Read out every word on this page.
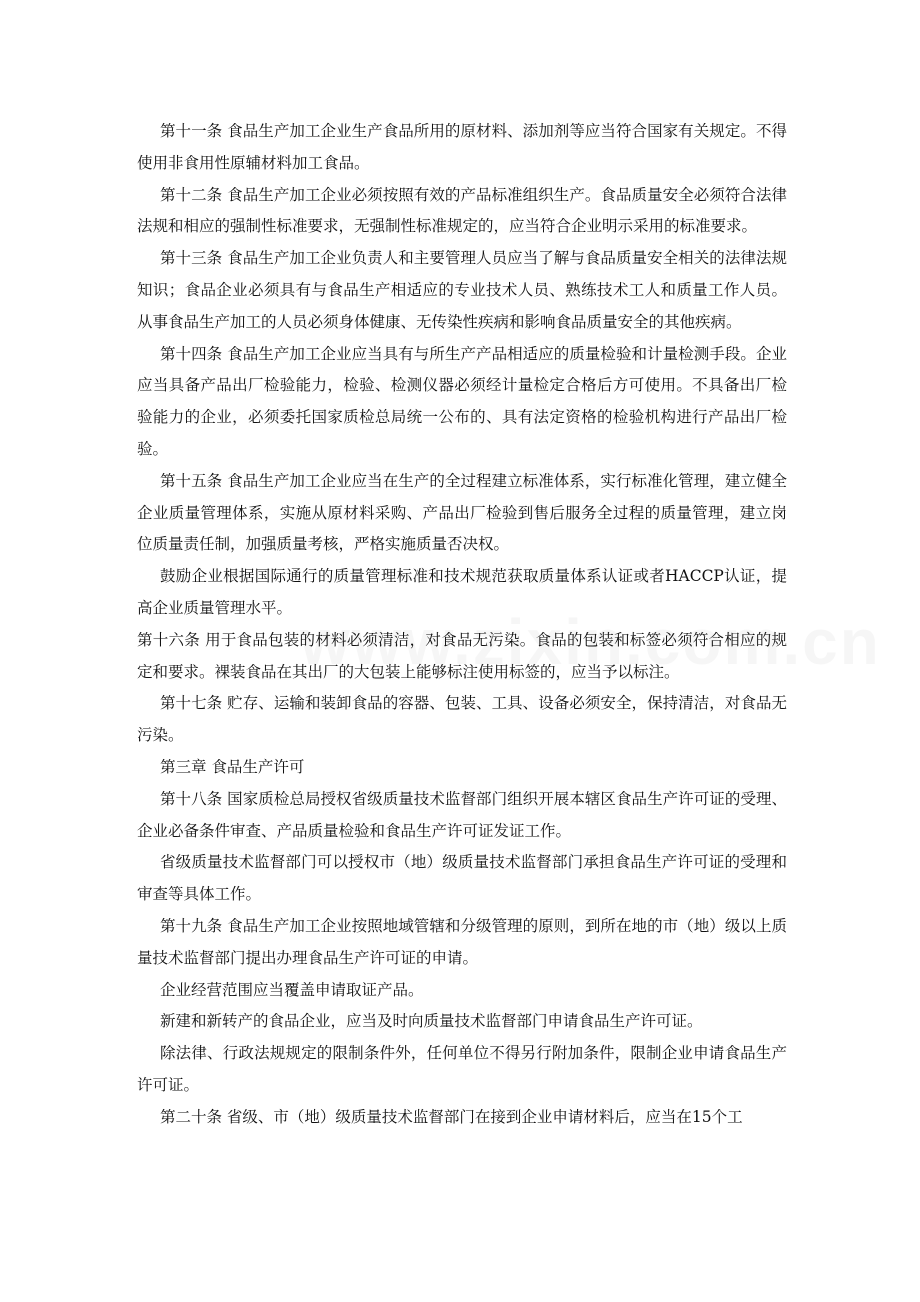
第十一条 食品生产加工企业生产食品所用的原材料、添加剂等应当符合国家有关规定。不得使用非食用性原辅材料加工食品。

第十二条 食品生产加工企业必须按照有效的产品标准组织生产。食品质量安全必须符合法律法规和相应的强制性标准要求，无强制性标准规定的，应当符合企业明示采用的标准要求。

第十三条 食品生产加工企业负责人和主要管理人员应当了解与食品质量安全相关的法律法规知识；食品企业必须具有与食品生产相适应的专业技术人员、熟练技术工人和质量工作人员。从事食品生产加工的人员必须身体健康、无传染性疾病和影响食品质量安全的其他疾病。

第十四条 食品生产加工企业应当具有与所生产产品相适应的质量检验和计量检测手段。企业应当具备产品出厂检验能力，检验、检测仪器必须经计量检定合格后方可使用。不具备出厂检验能力的企业，必须委托国家质检总局统一公布的、具有法定资格的检验机构进行产品出厂检验。

第十五条 食品生产加工企业应当在生产的全过程建立标准体系，实行标准化管理，建立健全企业质量管理体系，实施从原材料采购、产品出厂检验到售后服务全过程的质量管理，建立岗位质量责任制，加强质量考核，严格实施质量否决权。

鼓励企业根据国际通行的质量管理标准和技术规范获取质量体系认证或者HACCP认证，提高企业质量管理水平。

第十六条 用于食品包装的材料必须清洁，对食品无污染。食品的包装和标签必须符合相应的规定和要求。裸装食品在其出厂的大包装上能够标注使用标签的，应当予以标注。

第十七条 贮存、运输和装卸食品的容器、包装、工具、设备必须安全，保持清洁，对食品无污染。

第三章 食品生产许可

第十八条 国家质检总局授权省级质量技术监督部门组织开展本辖区食品生产许可证的受理、企业必备条件审查、产品质量检验和食品生产许可证发证工作。

省级质量技术监督部门可以授权市（地）级质量技术监督部门承担食品生产许可证的受理和审查等具体工作。

第十九条 食品生产加工企业按照地域管辖和分级管理的原则，到所在地的市（地）级以上质量技术监督部门提出办理食品生产许可证的申请。

企业经营范围应当覆盖申请取证产品。

新建和新转产的食品企业，应当及时向质量技术监督部门申请食品生产许可证。

除法律、行政法规规定的限制条件外，任何单位不得另行附加条件，限制企业申请食品生产许可证。

第二十条 省级、市（地）级质量技术监督部门在接到企业申请材料后，应当在15个工
